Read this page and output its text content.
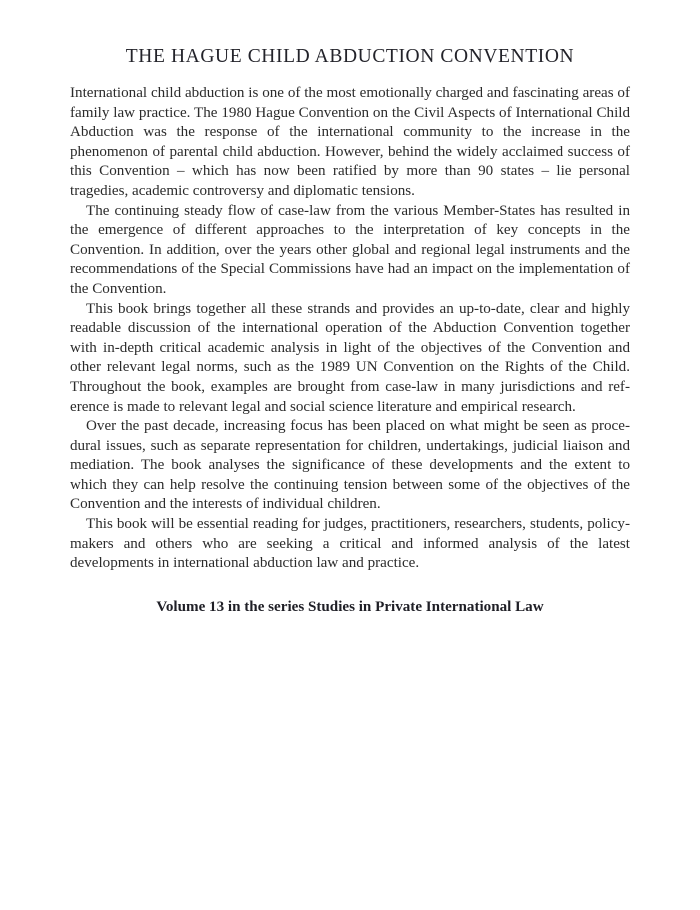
THE HAGUE CHILD ABDUCTION CONVENTION

International child abduction is one of the most emotionally charged and fascinating areas of family law practice. The 1980 Hague Convention on the Civil Aspects of International Child Abduction was the response of the international community to the increase in the phenomenon of parental child abduction. However, behind the widely acclaimed success of this Convention – which has now been ratified by more than 90 states – lie personal tragedies, academic controversy and diplomatic tensions.

The continuing steady flow of case-law from the various Member-States has resulted in the emergence of different approaches to the interpretation of key concepts in the Convention. In addition, over the years other global and regional legal instruments and the recommendations of the Special Commissions have had an impact on the implementation of the Convention.

This book brings together all these strands and provides an up-to-date, clear and highly readable discussion of the international operation of the Abduction Convention together with in-depth critical academic analysis in light of the objectives of the Convention and other relevant legal norms, such as the 1989 UN Convention on the Rights of the Child. Throughout the book, examples are brought from case-law in many jurisdictions and reference is made to relevant legal and social science literature and empirical research.

Over the past decade, increasing focus has been placed on what might be seen as procedural issues, such as separate representation for children, undertakings, judicial liaison and mediation. The book analyses the significance of these developments and the extent to which they can help resolve the continuing tension between some of the objectives of the Convention and the interests of individual children.

This book will be essential reading for judges, practitioners, researchers, students, policy-makers and others who are seeking a critical and informed analysis of the latest developments in international abduction law and practice.

Volume 13 in the series Studies in Private International Law
